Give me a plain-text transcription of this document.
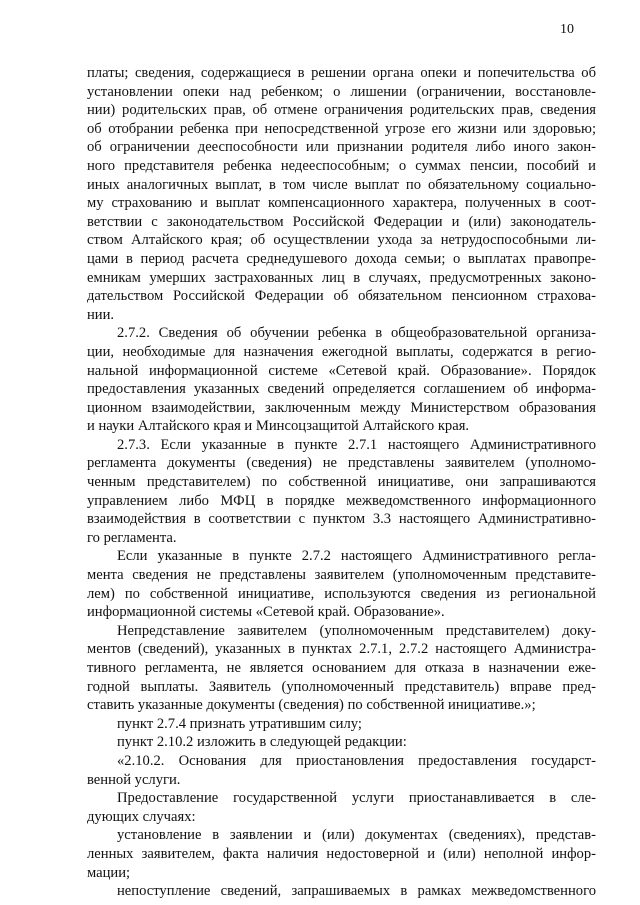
10
платы; сведения, содержащиеся в решении органа опеки и попечительства об
установлении опеки над ребенком; о лишении (ограничении, восстановле-
нии) родительских прав, об отмене ограничения родительских прав, сведения
об отобрании ребенка при непосредственной угрозе его жизни или здоровью;
об ограничении дееспособности или признании родителя либо иного закон-
ного представителя ребенка недееспособным; о суммах пенсии, пособий и
иных аналогичных выплат, в том числе выплат по обязательному социально-
му страхованию и выплат компенсационного характера, полученных в соот-
ветствии с законодательством Российской Федерации и (или) законодатель-
ством Алтайского края; об осуществлении ухода за нетрудоспособными ли-
цами в период расчета среднедушевого дохода семьи; о выплатах правопре-
емникам умерших застрахованных лиц в случаях, предусмотренных законо-
дательством Российской Федерации об обязательном пенсионном страхова-
нии.
2.7.2. Сведения об обучении ребенка в общеобразовательной организа-
ции, необходимые для назначения ежегодной выплаты, содержатся в регио-
нальной информационной системе «Сетевой край. Образование». Порядок
предоставления указанных сведений определяется соглашением об информа-
ционном взаимодействии, заключенным между Министерством образования
и науки Алтайского края и Минсоцзащитой Алтайского края.
2.7.3. Если указанные в пункте 2.7.1 настоящего Административного
регламента документы (сведения) не представлены заявителем (уполномо-
ченным представителем) по собственной инициативе, они запрашиваются
управлением либо МФЦ в порядке межведомственного информационного
взаимодействия в соответствии с пунктом 3.3 настоящего Административно-
го регламента.
Если указанные в пункте 2.7.2 настоящего Административного регла-
мента сведения не представлены заявителем (уполномоченным представите-
лем) по собственной инициативе, используются сведения из региональной
информационной системы «Сетевой край. Образование».
Непредставление заявителем (уполномоченным представителем) доку-
ментов (сведений), указанных в пунктах 2.7.1, 2.7.2 настоящего Администра-
тивного регламента, не является основанием для отказа в назначении еже-
годной выплаты. Заявитель (уполномоченный представитель) вправе пред-
ставить указанные документы (сведения) по собственной инициативе.»;
пункт 2.7.4 признать утратившим силу;
пункт 2.10.2 изложить в следующей редакции:
«2.10.2. Основания для приостановления предоставления государст-
венной услуги.
Предоставление государственной услуги приостанавливается в сле-
дующих случаях:
установление в заявлении и (или) документах (сведениях), представ-
ленных заявителем, факта наличия недостоверной и (или) неполной инфор-
мации;
непоступление сведений, запрашиваемых в рамках межведомственного
